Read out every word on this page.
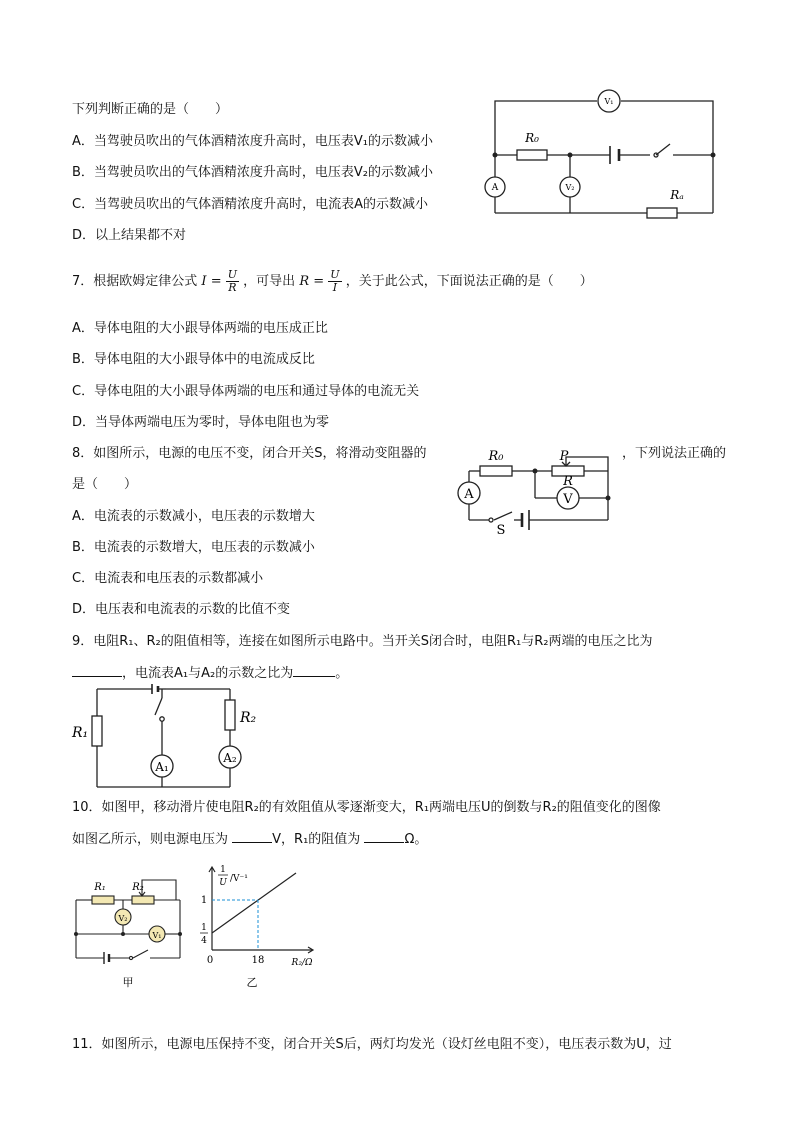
下列判断正确的是（　　）
A．当驾驶员吹出的气体酒精浓度升高时，电压表V₁的示数减小
B．当驾驶员吹出的气体酒精浓度升高时，电压表V₂的示数减小
C．当驾驶员吹出的气体酒精浓度升高时，电流表A的示数减小
D．以上结果都不对
V₁
A	V₂
R₀
Rₐ
7．根据欧姆定律公式 $I = \frac{U}{R}$ ，可导出 $R = \frac{U}{I}$ ，关于此公式，下面说法正确的是（　　）
A．导体电阻的大小跟导体两端的电压成正比
B．导体电阻的大小跟导体中的电流成反比
C．导体电阻的大小跟导体两端的电压和通过导体的电流无关
D．当导体两端电压为零时，导体电阻也为零
8．如图所示，电源的电压不变，闭合开关S，将滑动变阻器的	，下列说法正确的
是（　　）
A．电流表的示数减小，电压表的示数增大
B．电流表的示数增大，电压表的示数减小
C．电流表和电压表的示数都减小
D．电压表和电流表的示数的比值不变
R₀	P
R
A	V
S
9．电阻R₁、R₂的阻值相等，连接在如图所示电路中。当开关S闭合时，电阻R₁与R₂两端的电压之比为
，电流表A₁与A₂的示数之比为	。
R₁
R₂
A₁
A₂
10．如图甲，移动滑片使电阻R₂的有效阻值从零逐渐变大，R₁两端电压U的倒数与R₂的阻值变化的图像
如图乙所示，则电源电压为	V，R₁的阻值为	Ω。
R₁	R₂
V₂
V₁
甲
1
U /V⁻¹
1
1
4
0	18	R₂/Ω
乙
11．如图所示，电源电压保持不变，闭合开关S后，两灯均发光（设灯丝电阻不变），电压表示数为U，过
